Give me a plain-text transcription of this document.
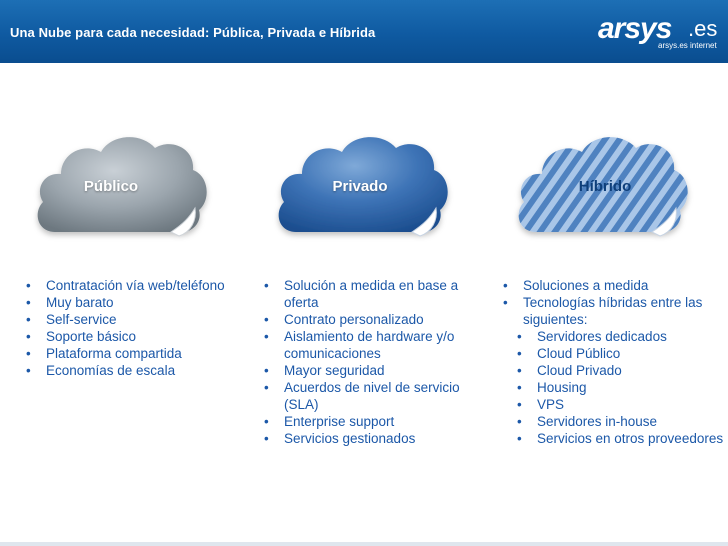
Una Nube para cada necesidad: Pública, Privada e Híbrida	arsys .es
arsys.es internet
Público	Privado	Híbrido
• Contratación vía web/teléfono
• Muy barato
• Self-service
• Soporte básico
• Plataforma compartida
• Economías de escala
• Solución a medida en base a oferta
• Contrato personalizado
• Aislamiento de hardware y/o comunicaciones
• Mayor seguridad
• Acuerdos de nivel de servicio (SLA)
• Enterprise support
• Servicios gestionados
• Soluciones a medida
• Tecnologías híbridas entre las siguientes:
• Servidores dedicados
• Cloud Público
• Cloud Privado
• Housing
• VPS
• Servidores in-house
• Servicios en otros proveedores
